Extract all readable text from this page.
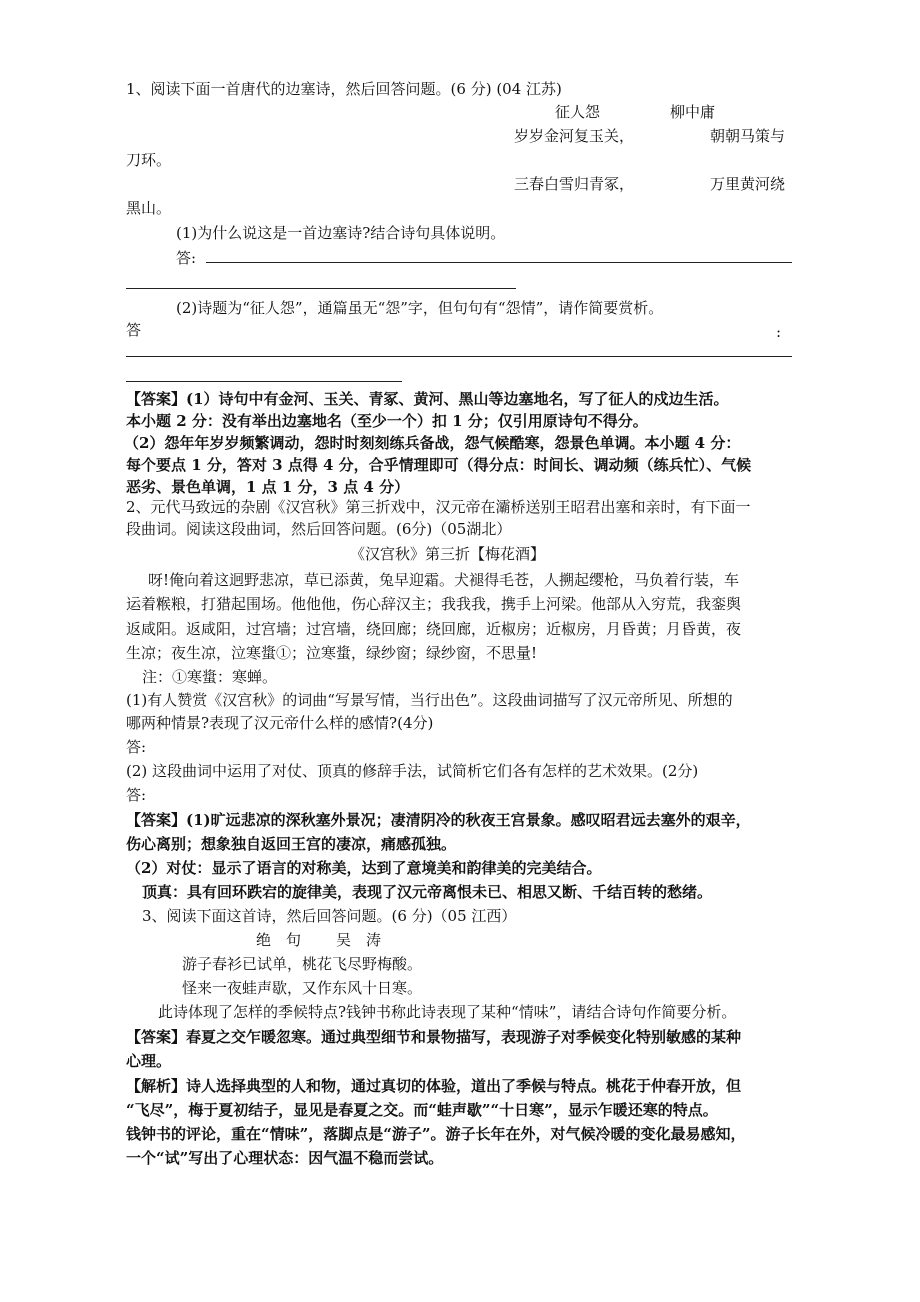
1、阅读下面一首唐代的边塞诗，然后回答问题。(6 分) (04 江苏)
征人怨	柳中庸
岁岁金河复玉关，	朝朝马策与
刀环。
三春白雪归青冢，	万里黄河绕
黑山。
(1)为什么说这是一首边塞诗?结合诗句具体说明。
答:
(2)诗题为“征人怨”，通篇虽无“怨”字，但句句有“怨情”，请作简要赏析。
答	:
【答案】(1）诗句中有金河、玉关、青冢、黄河、黑山等边塞地名，写了征人的戍边生活。
本小题 2 分：没有举出边塞地名（至少一个）扣 1 分；仅引用原诗句不得分。
（2）怨年年岁岁频繁调动，怨时时刻刻练兵备战，怨气候酷寒，怨景色单调。本小题 4 分：
每个要点 1 分，答对 3 点得 4 分，合乎情理即可（得分点：时间长、调动频（练兵忙）、气候
恶劣、景色单调，1 点 1 分，3 点 4 分）
2、元代马致远的杂剧《汉宫秋》第三折戏中，汉元帝在灞桥送别王昭君出塞和亲时，有下面一
段曲词。阅读这段曲词，然后回答问题。(6分)（05湖北）
《汉宫秋》第三折【梅花酒】
呀!俺向着这迥野悲凉，草已添黄，兔早迎霜。犬褪得毛苍，人搠起缨枪，马负着行装，车
运着糇粮，打猎起围场。他他他，伤心辞汉主；我我我，携手上河梁。他部从入穷荒，我銮舆
返咸阳。返咸阳，过宫墙；过宫墙，绕回廊；绕回廊，近椒房；近椒房，月昏黄；月昏黄，夜
生凉；夜生凉，泣寒螀①；泣寒螀，绿纱窗；绿纱窗，不思量!
注：①寒螀：寒蝉。
(1)有人赞赏《汉宫秋》的词曲“写景写情，当行出色”。这段曲词描写了汉元帝所见、所想的
哪两种情景?表现了汉元帝什么样的感情?(4分)
答:
(2) 这段曲词中运用了对仗、顶真的修辞手法，试简析它们各有怎样的艺术效果。(2分)
答:
【答案】(1)旷远悲凉的深秋塞外景况；凄清阴冷的秋夜王宫景象。感叹昭君远去塞外的艰辛，
伤心离别；想象独自返回王宫的凄凉，痛感孤独。
（2）对仗：显示了语言的对称美，达到了意境美和韵律美的完美结合。
顶真：具有回环跌宕的旋律美，表现了汉元帝离恨未已、相思又断、千结百转的愁绪。
3、阅读下面这首诗，然后回答问题。(6 分)（05 江西）
绝　句 吴　涛
游子春衫已试单，桃花飞尽野梅酸。
怪来一夜蛙声歇，又作东风十日寒。
此诗体现了怎样的季候特点?钱钟书称此诗表现了某种“情味”，请结合诗句作简要分析。
【答案】春夏之交乍暖忽寒。通过典型细节和景物描写，表现游子对季候变化特别敏感的某种
心理。
【解析】诗人选择典型的人和物，通过真切的体验，道出了季候与特点。桃花于仲春开放，但
“飞尽”，梅于夏初结子，显见是春夏之交。而“蛙声歇”“十日寒”，显示乍暖还寒的特点。
钱钟书的评论，重在“情味”，落脚点是“游子”。游子长年在外，对气候冷暖的变化最易感知，
一个“试”写出了心理状态：因气温不稳而尝试。
